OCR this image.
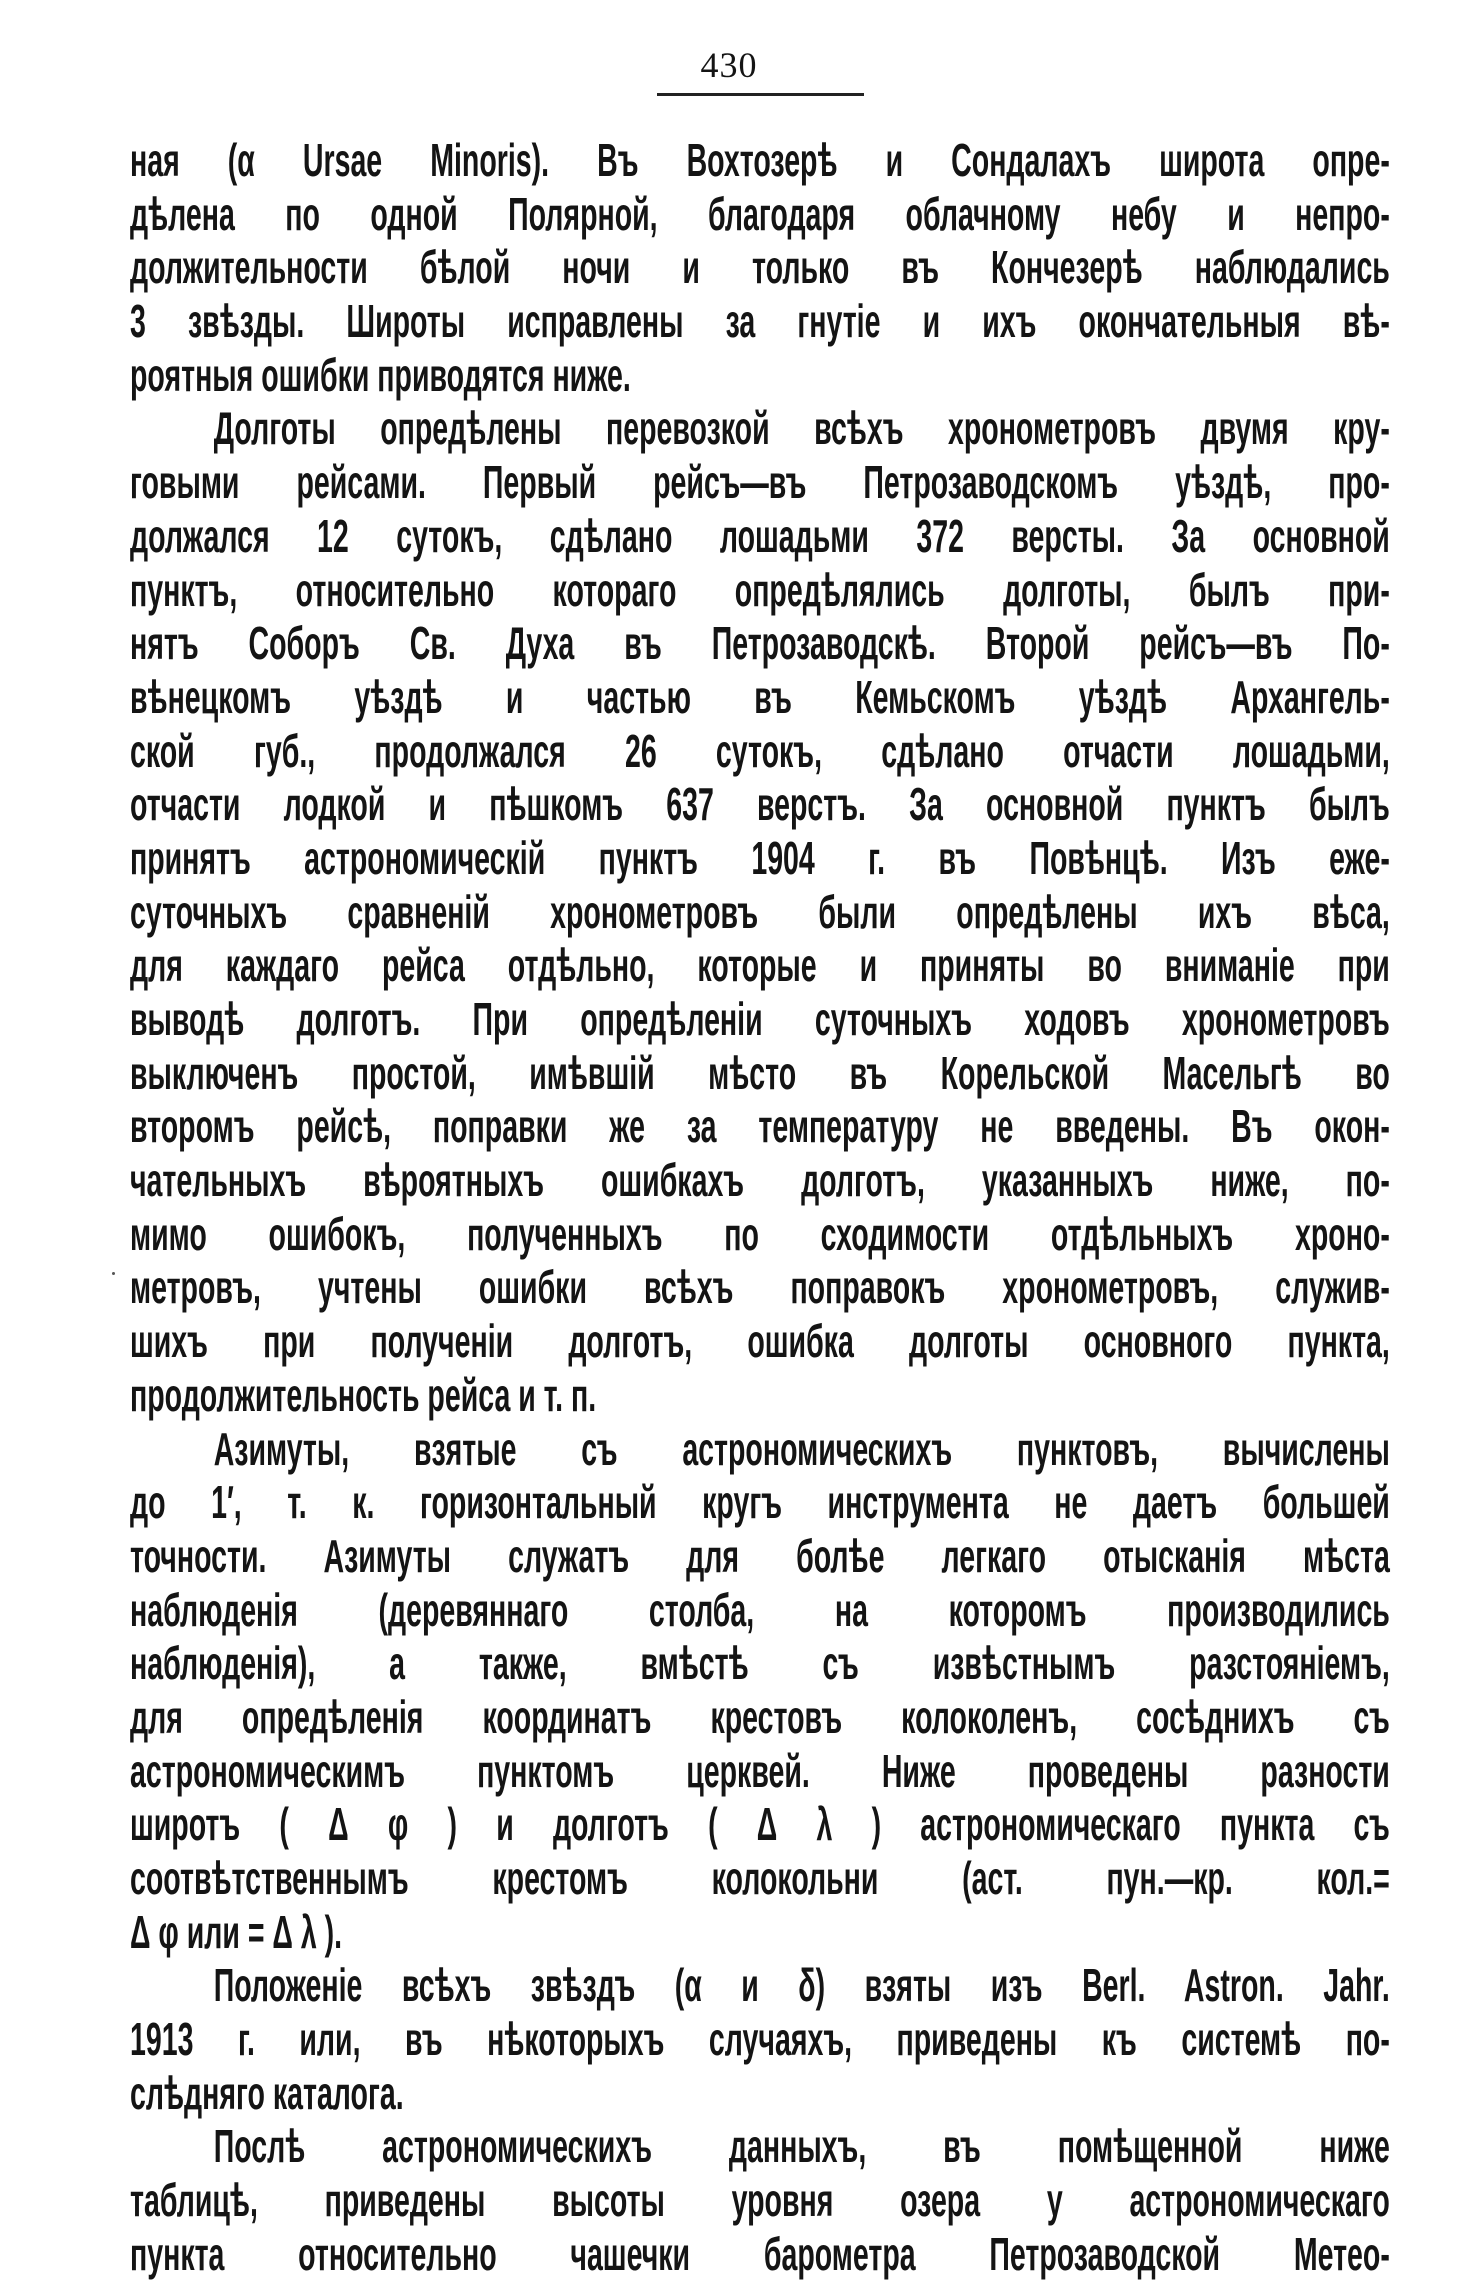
430
ная (α Ursae Minoris). Въ Вохтозерѣ и Сондалахъ широта опре-
дѣлена по одной Полярной, благодаря облачному небу и непро-
должительности бѣлой ночи и только въ Кончезерѣ наблюдались
3 звѣзды. Широты исправлены за гнутіе и ихъ окончательныя вѣ-
роятныя ошибки приводятся ниже.
Долготы опредѣлены перевозкой всѣхъ хронометровъ двумя кру-
говыми рейсами. Первый рейсъ—въ Петрозаводскомъ уѣздѣ, про-
должался 12 сутокъ, сдѣлано лошадьми 372 версты. За основной
пунктъ, относительно котораго опредѣлялись долготы, былъ при-
нятъ Соборъ Св. Духа въ Петрозаводскѣ. Второй рейсъ—въ По-
вѣнецкомъ уѣздѣ и частью въ Кемьскомъ уѣздѣ Архангель-
ской губ., продолжался 26 сутокъ, сдѣлано отчасти лошадьми,
отчасти лодкой и пѣшкомъ 637 верстъ. За основной пунктъ былъ
принятъ астрономическій пунктъ 1904 г. въ Повѣнцѣ. Изъ еже-
суточныхъ сравненій хронометровъ были опредѣлены ихъ вѣса,
для каждаго рейса отдѣльно, которые и приняты во вниманіе при
выводѣ долготъ. При опредѣленіи суточныхъ ходовъ хронометровъ
выключенъ простой, имѣвшій мѣсто въ Корельской Масельгѣ во
второмъ рейсѣ, поправки же за температуру не введены. Въ окон-
чательныхъ вѣроятныхъ ошибкахъ долготъ, указанныхъ ниже, по-
мимо ошибокъ, полученныхъ по сходимости отдѣльныхъ хроно-
метровъ, учтены ошибки всѣхъ поправокъ хронометровъ, служив-
шихъ при полученіи долготъ, ошибка долготы основного пункта,
продолжительность рейса и т. п.
Азимуты, взятые съ астрономическихъ пунктовъ, вычислены
до 1′, т. к. горизонтальный кругъ инструмента не даетъ большей
точности. Азимуты служатъ для болѣе легкаго отысканія мѣста
наблюденія (деревяннаго столба, на которомъ производились
наблюденія), а также, вмѣстѣ съ извѣстнымъ разстояніемъ,
для опредѣленія координатъ крестовъ колоколенъ, сосѣднихъ съ
астрономическимъ пунктомъ церквей. Ниже проведены разности
широтъ ( Δ φ ) и долготъ ( Δ λ ) астрономическаго пункта съ
соотвѣтственнымъ крестомъ колокольни (аст. пун.—кр. кол.=
Δ φ или = Δ λ ).
Положеніе всѣхъ звѣздъ (α и δ) взяты изъ Berl. Astron. Jahr.
1913 г. или, въ нѣкоторыхъ случаяхъ, приведены къ системѣ по-
слѣдняго каталога.
Послѣ астрономическихъ данныхъ, въ помѣщенной ниже
таблицѣ, приведены высоты уровня озера у астрономическаго
пункта относительно чашечки барометра Петрозаводской Метео-
